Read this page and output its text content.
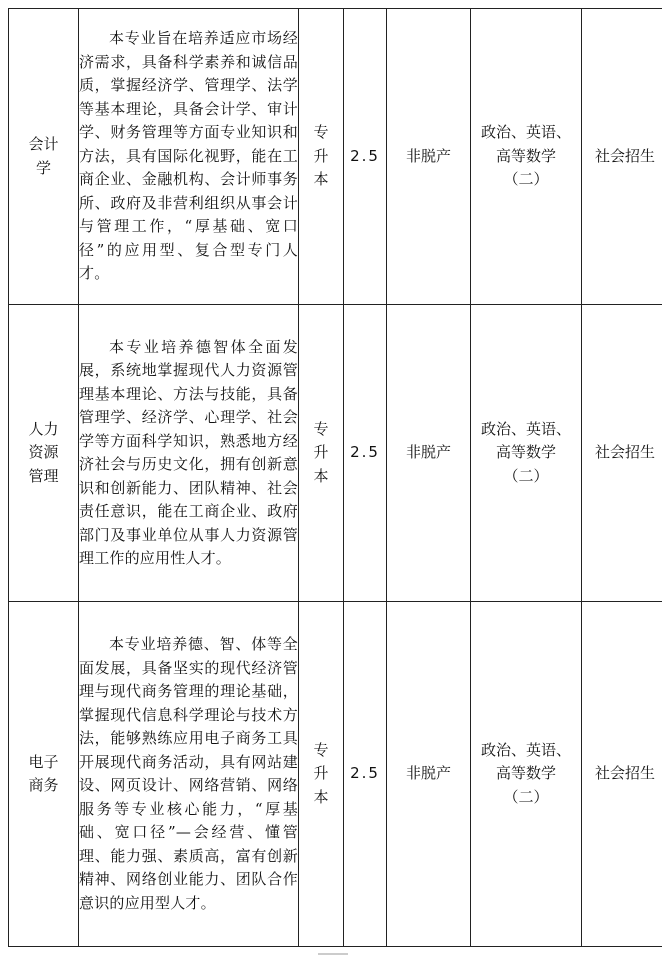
会计学	本专业旨在培养适应市场经济需求，具备科学素养和诚信品质，掌握经济学、管理学、法学等基本理论，具备会计学、审计学、财务管理等方面专业知识和方法，具有国际化视野，能在工商企业、金融机构、会计师事务所、政府及非营利组织从事会计与管理工作，“厚基础、宽口径”的应用型、复合型专门人才。	专升本	2.5	非脱产	政治、英语、高等数学（二）	社会招生
人力资源管理	本专业培养德智体全面发展，系统地掌握现代人力资源管理基本理论、方法与技能，具备管理学、经济学、心理学、社会学等方面科学知识，熟悉地方经济社会与历史文化，拥有创新意识和创新能力、团队精神、社会责任意识，能在工商企业、政府部门及事业单位从事人力资源管理工作的应用性人才。	专升本	2.5	非脱产	政治、英语、高等数学（二）	社会招生
电子商务	本专业培养德、智、体等全面发展，具备坚实的现代经济管理与现代商务管理的理论基础，掌握现代信息科学理论与技术方法，能够熟练应用电子商务工具开展现代商务活动，具有网站建设、网页设计、网络营销、网络服务等专业核心能力，“厚基础、宽口径”—会经营、懂管理、能力强、素质高，富有创新精神、网络创业能力、团队合作意识的应用型人才。	专升本	2.5	非脱产	政治、英语、高等数学（二）	社会招生
